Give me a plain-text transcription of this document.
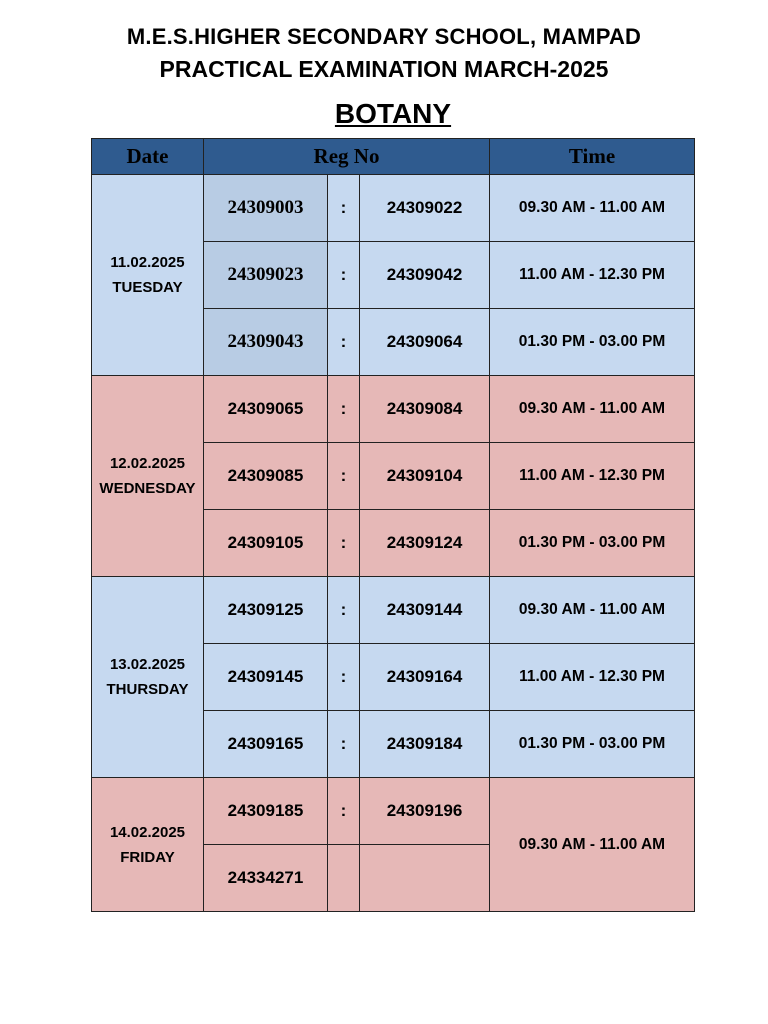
M.E.S.HIGHER SECONDARY SCHOOL, MAMPAD
PRACTICAL EXAMINATION MARCH-2025
BOTANY
Date	Reg No			Time

11.02.2025
TUESDAY	24309003	:	24309022	09.30 AM - 11.00 AM
	24309023	:	24309042	11.00 AM - 12.30 PM
	24309043	:	24309064	01.30 PM - 03.00 PM

12.02.2025
WEDNESDAY	24309065	:	24309084	09.30 AM - 11.00 AM
	24309085	:	24309104	11.00 AM - 12.30 PM
	24309105	:	24309124	01.30 PM - 03.00 PM

13.02.2025
THURSDAY	24309125	:	24309144	09.30 AM - 11.00 AM
	24309145	:	24309164	11.00 AM - 12.30 PM
	24309165	:	24309184	01.30 PM - 03.00 PM

14.02.2025
FRIDAY	24309185	:	24309196	09.30 AM - 11.00 AM
	24334271			
